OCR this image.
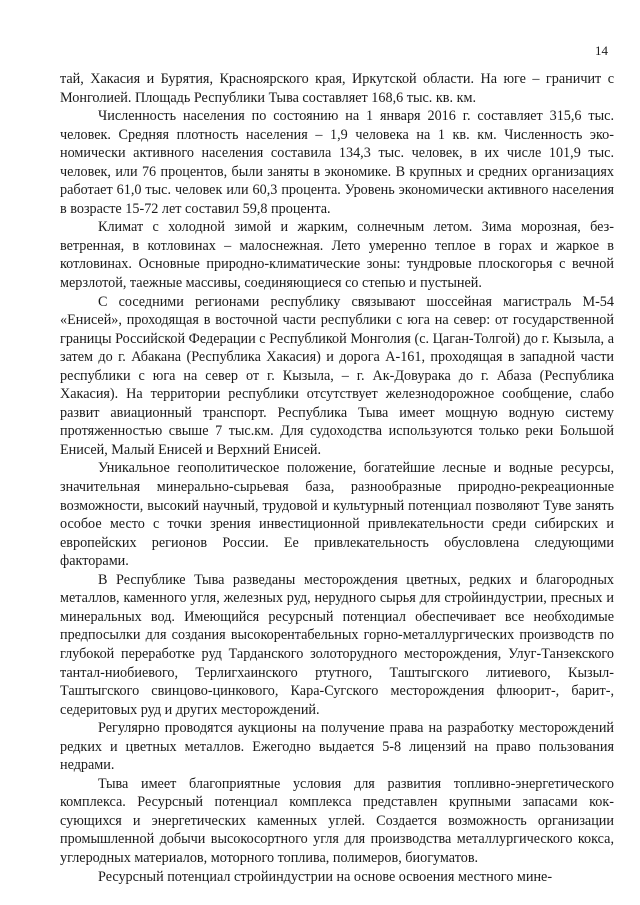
14

тай, Хакасия и Бурятия, Красноярского края, Иркутской области. На юге – граничит с Монголией. Площадь Республики Тыва составляет 168,6 тыс. кв. км.

Численность населения по состоянию на 1 января 2016 г. составляет 315,6 тыс. человек. Средняя плотность населения – 1,9 человека на 1 кв. км. Численность экономически активного населения составила 134,3 тыс. человек, в их числе 101,9 тыс. человек, или 76 процентов, были заняты в экономике. В крупных и средних организациях работает 61,0 тыс. человек или 60,3 процента. Уровень экономически активного населения в возрасте 15-72 лет составил 59,8 процента.

Климат с холодной зимой и жарким, солнечным летом. Зима морозная, безветренная, в котловинах – малоснежная. Лето умеренно теплое в горах и жаркое в котловинах. Основные природно-климатические зоны: тундровые плоскогорья с вечной мерзлотой, таежные массивы, соединяющиеся со степью и пустыней.

С соседними регионами республику связывают шоссейная магистраль М-54 «Енисей», проходящая в восточной части республики с юга на север: от государственной границы Российской Федерации с Республикой Монголия (с. Цаган-Толгой) до г. Кызыла, а затем до г. Абакана (Республика Хакасия) и дорога А-161, проходящая в западной части республики с юга на север от г. Кызыла, – г. Ак-Довурака до г. Абаза (Республика Хакасия). На территории республики отсутствует железнодорожное сообщение, слабо развит авиационный транспорт. Республика Тыва имеет мощную водную систему протяженностью свыше 7 тыс.км. Для судоходства используются только реки Большой Енисей, Малый Енисей и Верхний Енисей.

Уникальное геополитическое положение, богатейшие лесные и водные ресурсы, значительная минерально-сырьевая база, разнообразные природно-рекреационные возможности, высокий научный, трудовой и культурный потенциал позволяют Туве занять особое место с точки зрения инвестиционной привлекательности среди сибирских и европейских регионов России. Ее привлекательность обусловлена следующими факторами.

В Республике Тыва разведаны месторождения цветных, редких и благородных металлов, каменного угля, железных руд, нерудного сырья для стройиндустрии, пресных и минеральных вод. Имеющийся ресурсный потенциал обеспечивает все необходимые предпосылки для создания высокорентабельных горно-металлургических производств по глубокой переработке руд Тарданского золоторудного месторождения, Улуг-Танзекского тантал-ниобиевого, Терлигхаинского ртутного, Таштыгского литиевого, Кызыл-Таштыгского свинцово-цинкового, Кара-Сугского месторождения флюорит-, барит-, седеритовых руд и других месторождений.

Регулярно проводятся аукционы на получение права на разработку месторождений редких и цветных металлов. Ежегодно выдается 5-8 лицензий на право пользования недрами.

Тыва имеет благоприятные условия для развития топливно-энергетического комплекса. Ресурсный потенциал комплекса представлен крупными запасами коксующихся и энергетических каменных углей. Создается возможность организации промышленной добычи высокосортного угля для производства металлургического кокса, углеродных материалов, моторного топлива, полимеров, биогуматов.

Ресурсный потенциал стройиндустрии на основе освоения местного мине-
